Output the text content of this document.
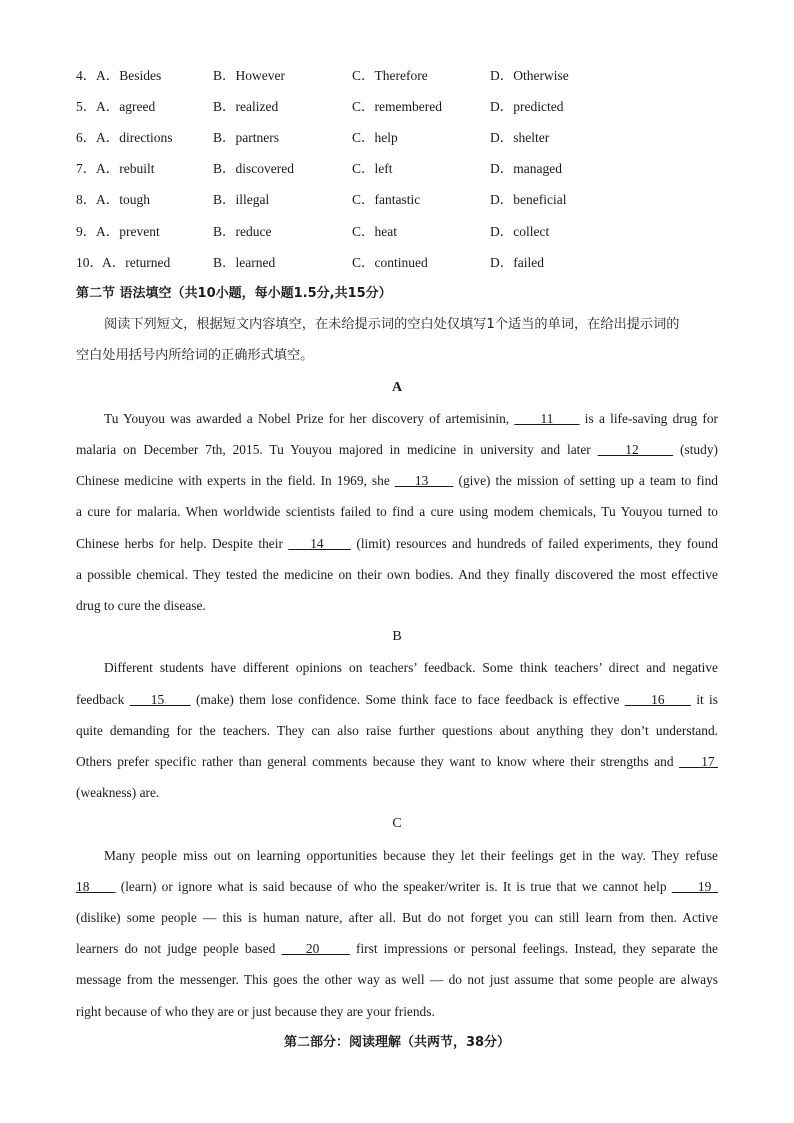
4． A．Besides	B．However	C．Therefore	D．Otherwise
5． A．agreed	B．realized	C．remembered	D．predicted
6． A．directions	B．partners	C．help	D．shelter
7． A．rebuilt	B．discovered	C．left	D．managed
8． A．tough	B．illegal	C．fantastic	D．beneficial
9． A．prevent	B．reduce	C．heat	D．collect
10． A．returned	B．learned	C．continued	D．failed
第二节 语法填空（共10小题，每小题1.5分,共15分）
阅读下列短文，根据短文内容填空，在未给提示词的空白处仅填写1个适当的单词，在给出提示词的
空白处用括号内所给词的正确形式填空。
A
Tu Youyou was awarded a Nobel Prize for her discovery of artemisinin,      11      is a life-saving drug for
malaria on December 7th, 2015. Tu Youyou majored in medicine in university and later     12      (study)
Chinese medicine with experts in the field. In 1969, she     13      (give) the mission of setting up a team to find
a cure for malaria. When worldwide scientists failed to find a cure using modem chemicals, Tu Youyou turned to
Chinese herbs for help. Despite their     14      (limit) resources and hundreds of failed experiments, they found
a possible chemical. They tested the medicine on their own bodies. And they finally discovered the most effective
drug to cure the disease.
B
Different students have different opinions on teachers’ feedback. Some think teachers’ direct and negative
feedback     15      (make) them lose confidence. Some think face to face feedback is effective      16      it is
quite demanding for the teachers. They can also raise further questions about anything they don’t understand.
Others prefer specific rather than general comments because they want to know where their strengths and     17
(weakness) are.
C
Many people miss out on learning opportunities because they let their feelings get in the way. They refuse
18      (learn) or ignore what is said because of who the speaker/writer is. It is true that we cannot help      19
(dislike) some people — this is human nature, after all. But do not forget you can still learn from then. Active
learners do not judge people based     20      first impressions or personal feelings. Instead, they separate the
message from the messenger. This goes the other way as well — do not just assume that some people are always
right because of who they are or just because they are your friends.
第二部分：阅读理解（共两节，38分）
